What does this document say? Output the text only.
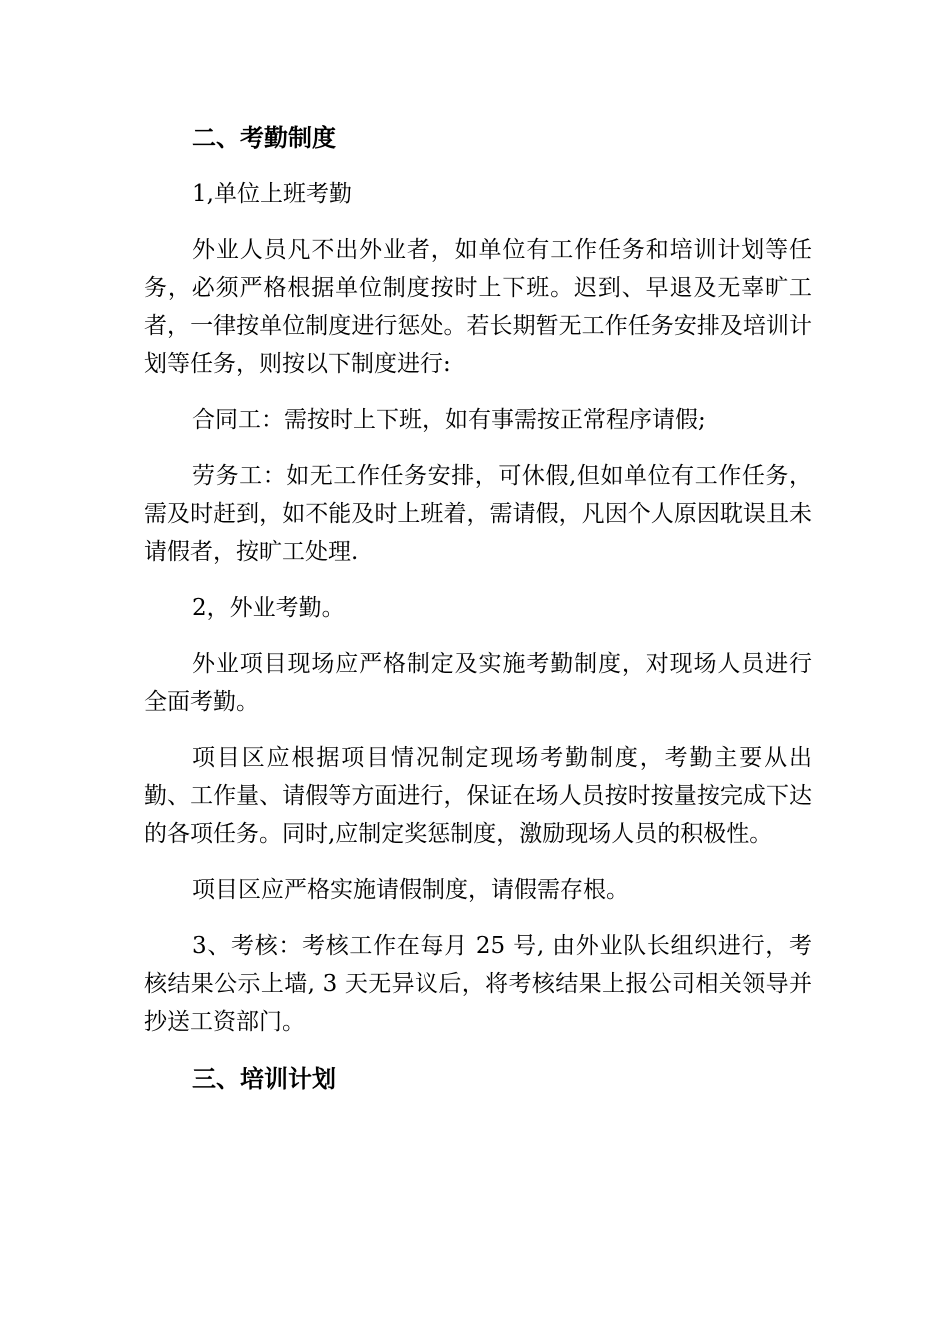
二、考勤制度

1,单位上班考勤

外业人员凡不出外业者，如单位有工作任务和培训计划等任务，必须严格根据单位制度按时上下班。迟到、早退及无辜旷工者，一律按单位制度进行惩处。若长期暂无工作任务安排及培训计划等任务，则按以下制度进行:

合同工：需按时上下班，如有事需按正常程序请假;

劳务工：如无工作任务安排，可休假,但如单位有工作任务，需及时赶到，如不能及时上班着，需请假，凡因个人原因耽误且未请假者，按旷工处理.

2，外业考勤。

外业项目现场应严格制定及实施考勤制度，对现场人员进行全面考勤。

项目区应根据项目情况制定现场考勤制度，考勤主要从出勤、工作量、请假等方面进行，保证在场人员按时按量按完成下达的各项任务。同时,应制定奖惩制度，激励现场人员的积极性。

项目区应严格实施请假制度，请假需存根。

3、考核：考核工作在每月 25 号, 由外业队长组织进行，考核结果公示上墙, 3 天无异议后，将考核结果上报公司相关领导并抄送工资部门。

三、培训计划
